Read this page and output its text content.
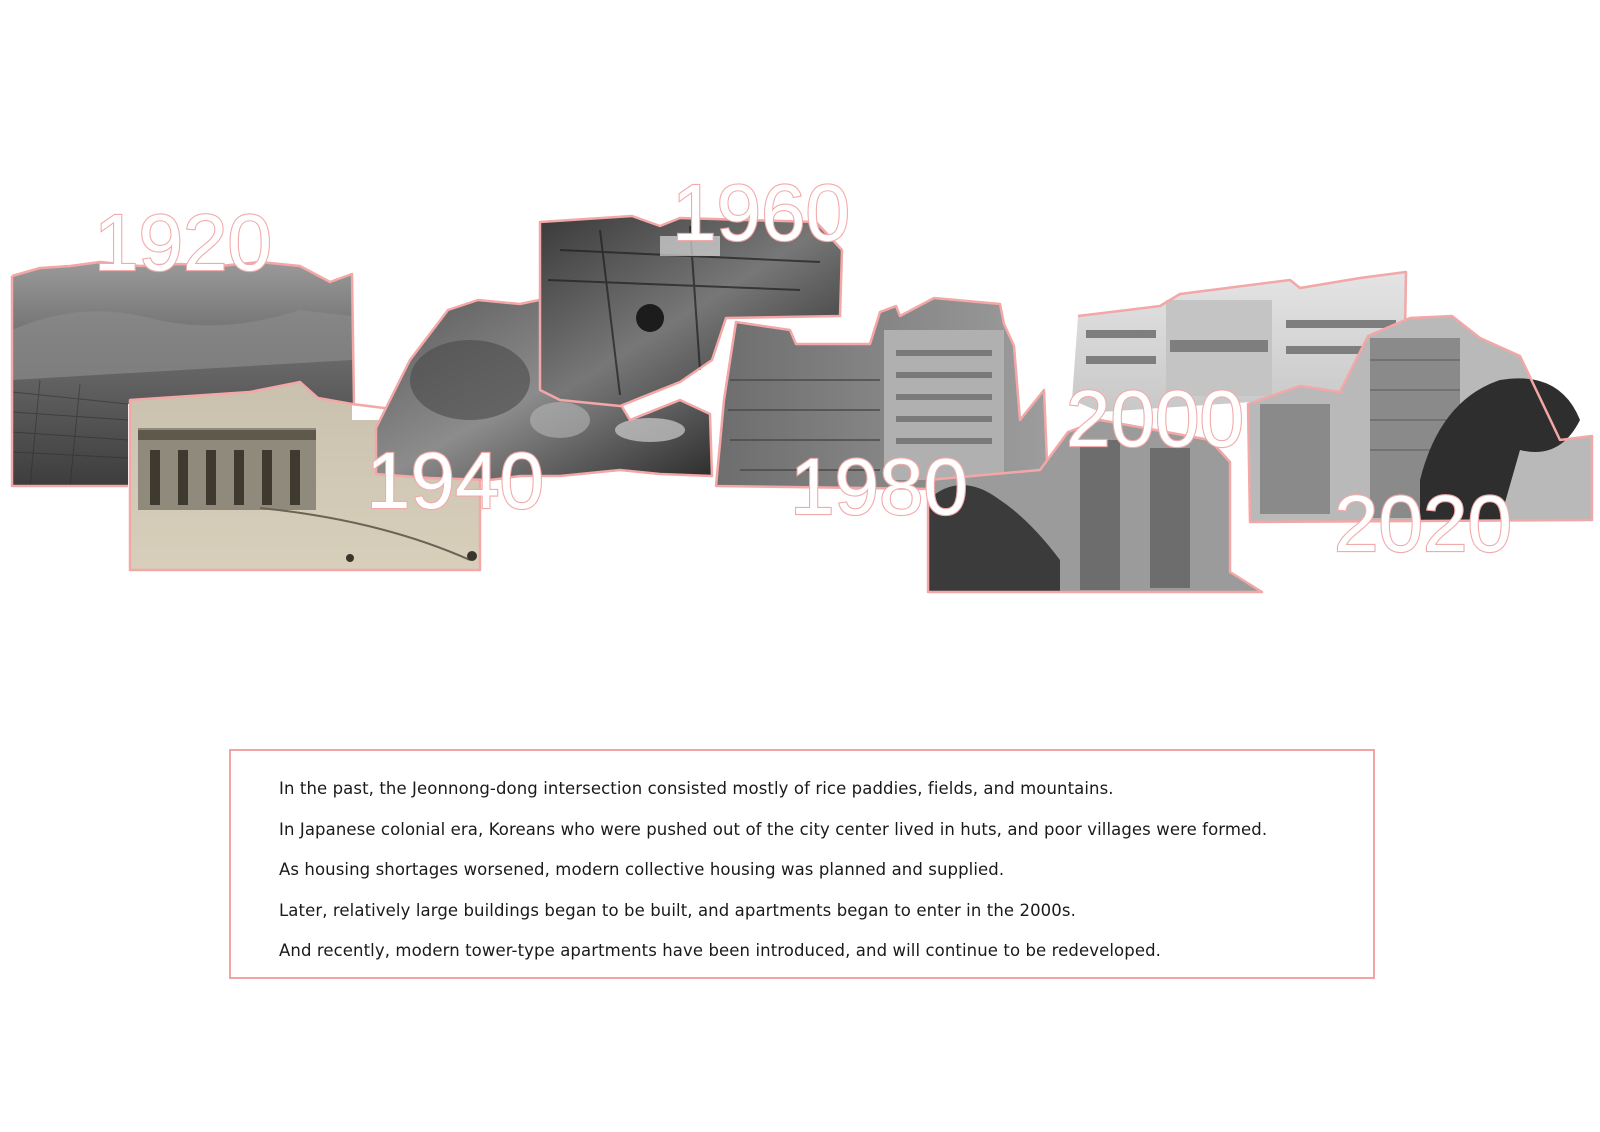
1920
1940
1960
1980
2000
2020
In the past, the Jeonnong-dong intersection consisted mostly of rice paddies, fields, and mountains.
In Japanese colonial era, Koreans who were pushed out of the city center lived in huts, and poor villages were formed.
As housing shortages worsened, modern collective housing was planned and supplied.
Later, relatively large buildings began to be built, and apartments began to enter in the 2000s.
And recently, modern tower-type apartments have been introduced, and will continue to be redeveloped.
